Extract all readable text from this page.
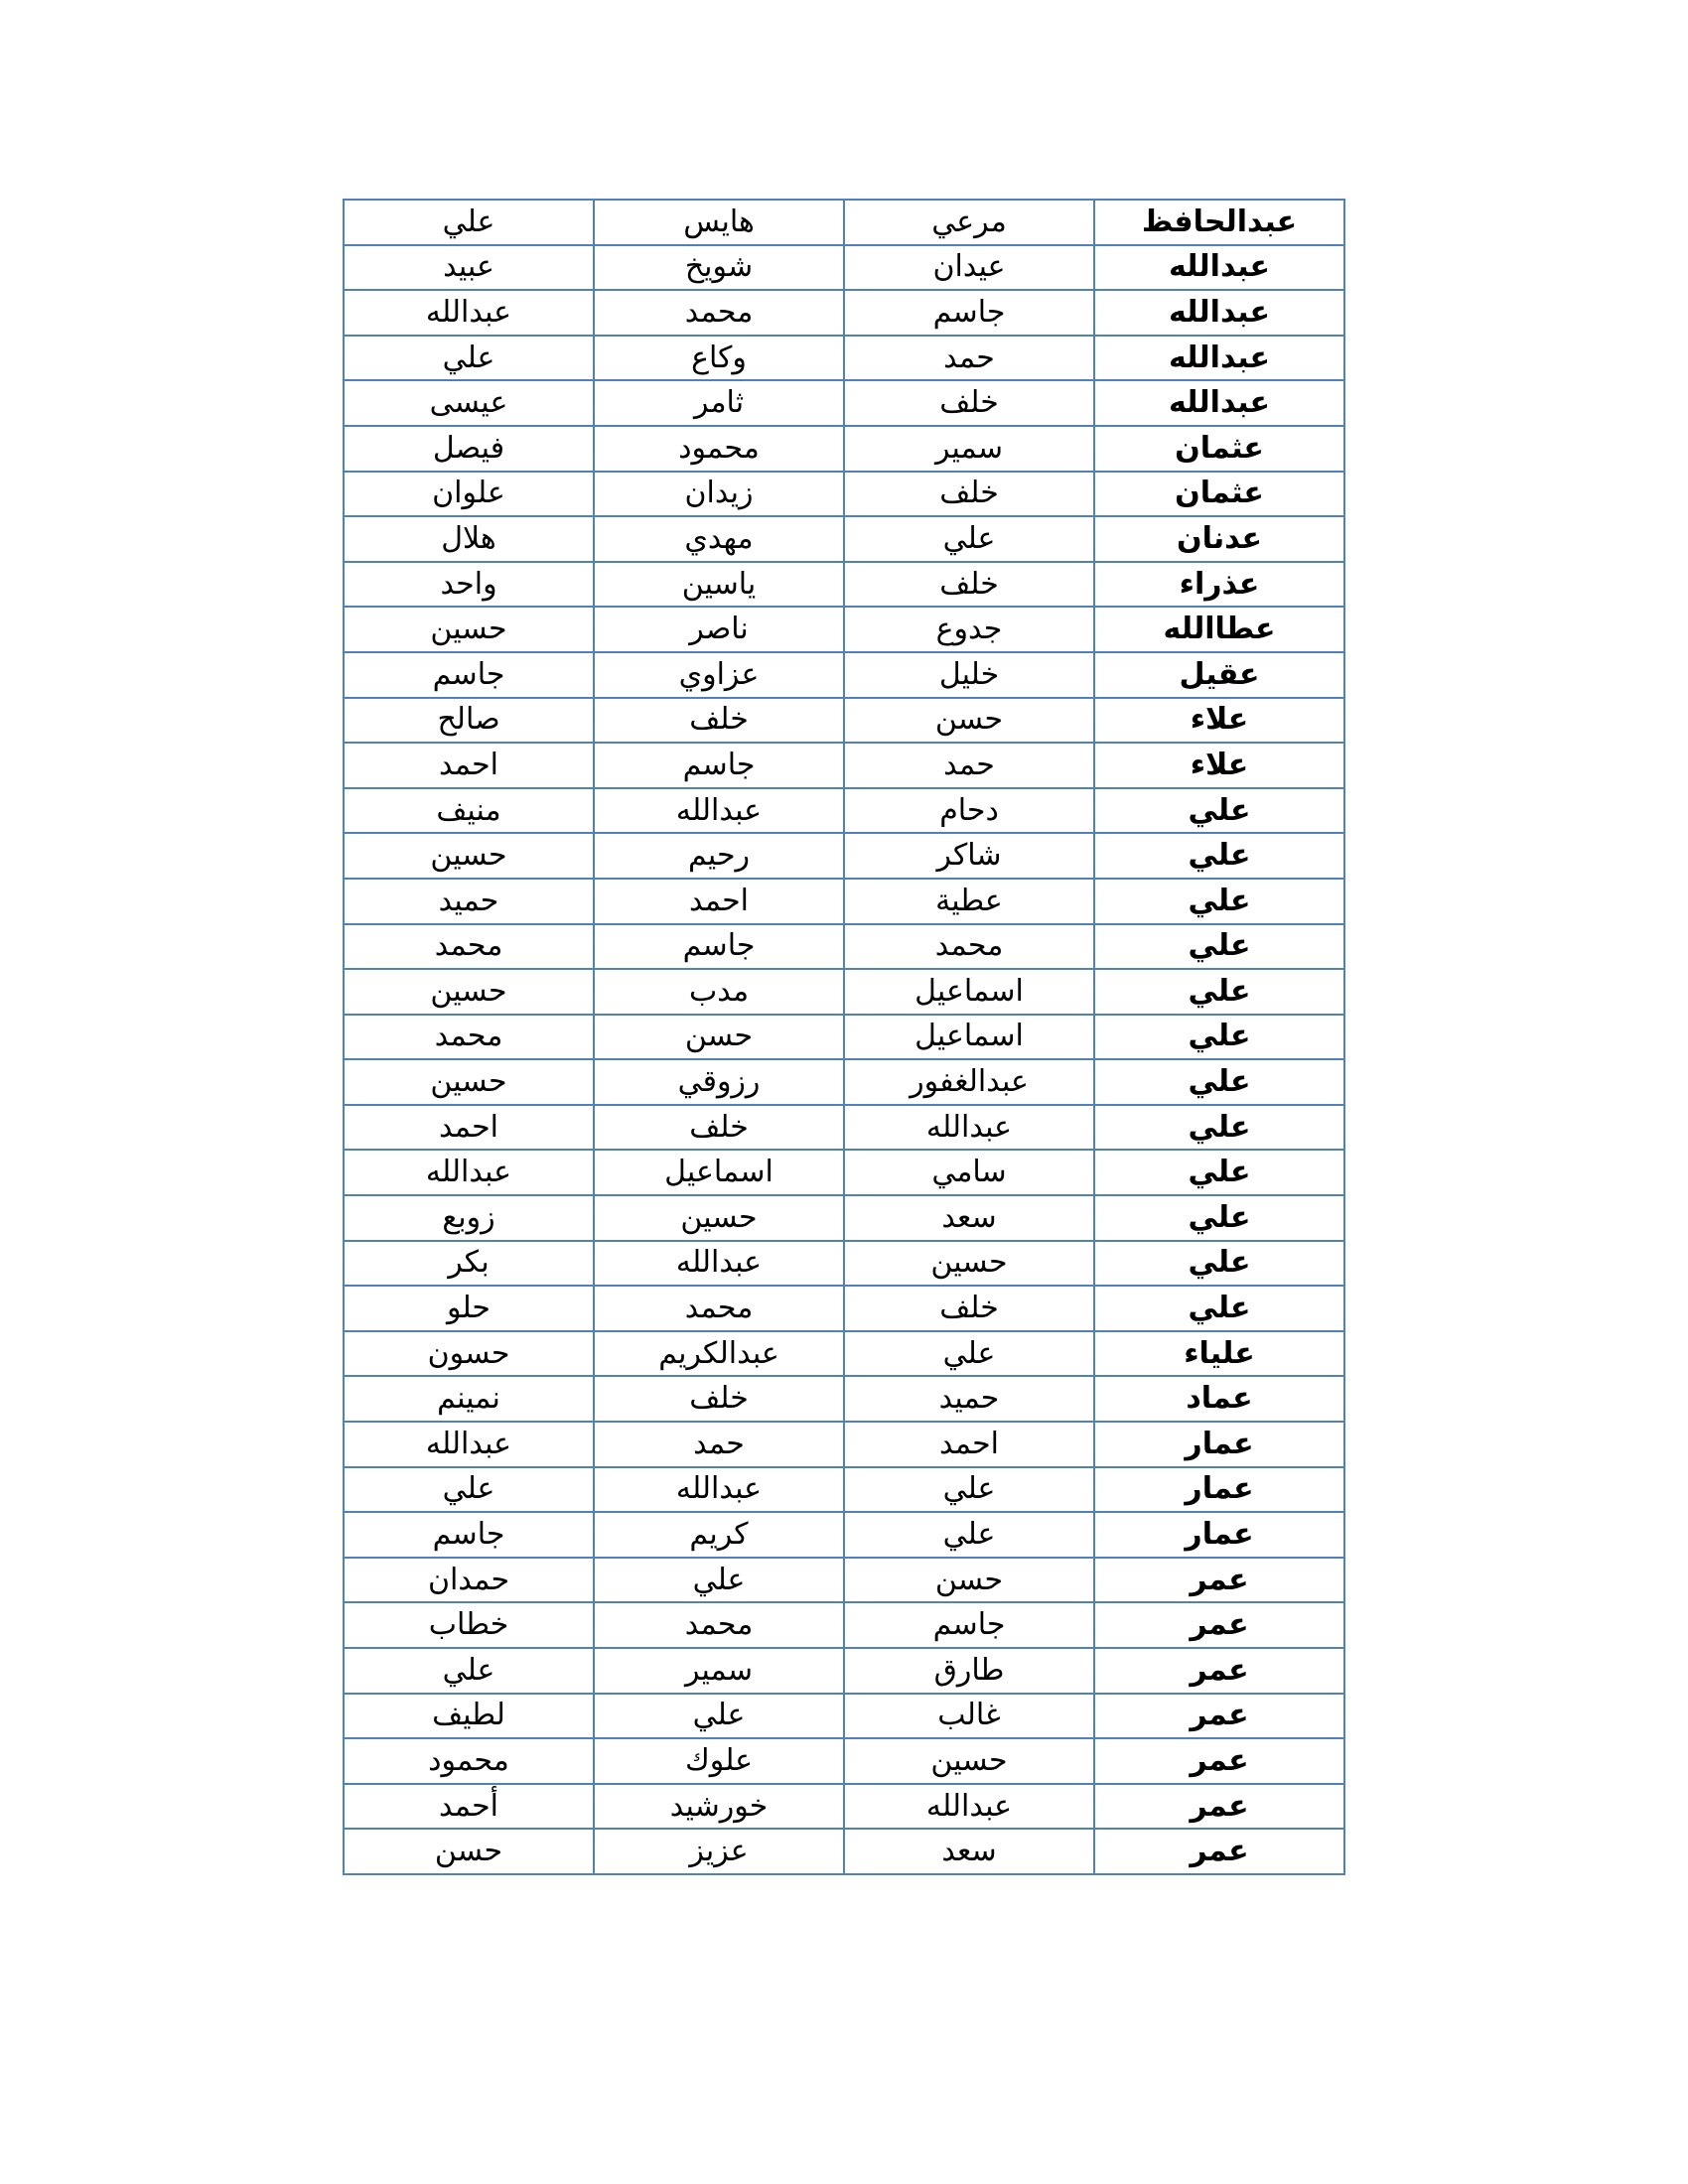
عبدالحافظ	مرعي	هايس	علي
عبدالله	عيدان	شويخ	عبيد
عبدالله	جاسم	محمد	عبدالله
عبدالله	حمد	وكاع	علي
عبدالله	خلف	ثامر	عيسى
عثمان	سمير	محمود	فيصل
عثمان	خلف	زيدان	علوان
عدنان	علي	مهدي	هلال
عذراء	خلف	ياسين	واحد
عطاالله	جدوع	ناصر	حسين
عقيل	خليل	عزاوي	جاسم
علاء	حسن	خلف	صالح
علاء	حمد	جاسم	احمد
علي	دحام	عبدالله	منيف
علي	شاكر	رحيم	حسين
علي	عطية	احمد	حميد
علي	محمد	جاسم	محمد
علي	اسماعيل	مدب	حسين
علي	اسماعيل	حسن	محمد
علي	عبدالغفور	رزوقي	حسين
علي	عبدالله	خلف	احمد
علي	سامي	اسماعيل	عبدالله
علي	سعد	حسين	زوبع
علي	حسين	عبدالله	بكر
علي	خلف	محمد	حلو
علياء	علي	عبدالكريم	حسون
عماد	حميد	خلف	نمينم
عمار	احمد	حمد	عبدالله
عمار	علي	عبدالله	علي
عمار	علي	كريم	جاسم
عمر	حسن	علي	حمدان
عمر	جاسم	محمد	خطاب
عمر	طارق	سمير	علي
عمر	غالب	علي	لطيف
عمر	حسين	علوك	محمود
عمر	عبدالله	خورشيد	أحمد
عمر	سعد	عزيز	حسن
